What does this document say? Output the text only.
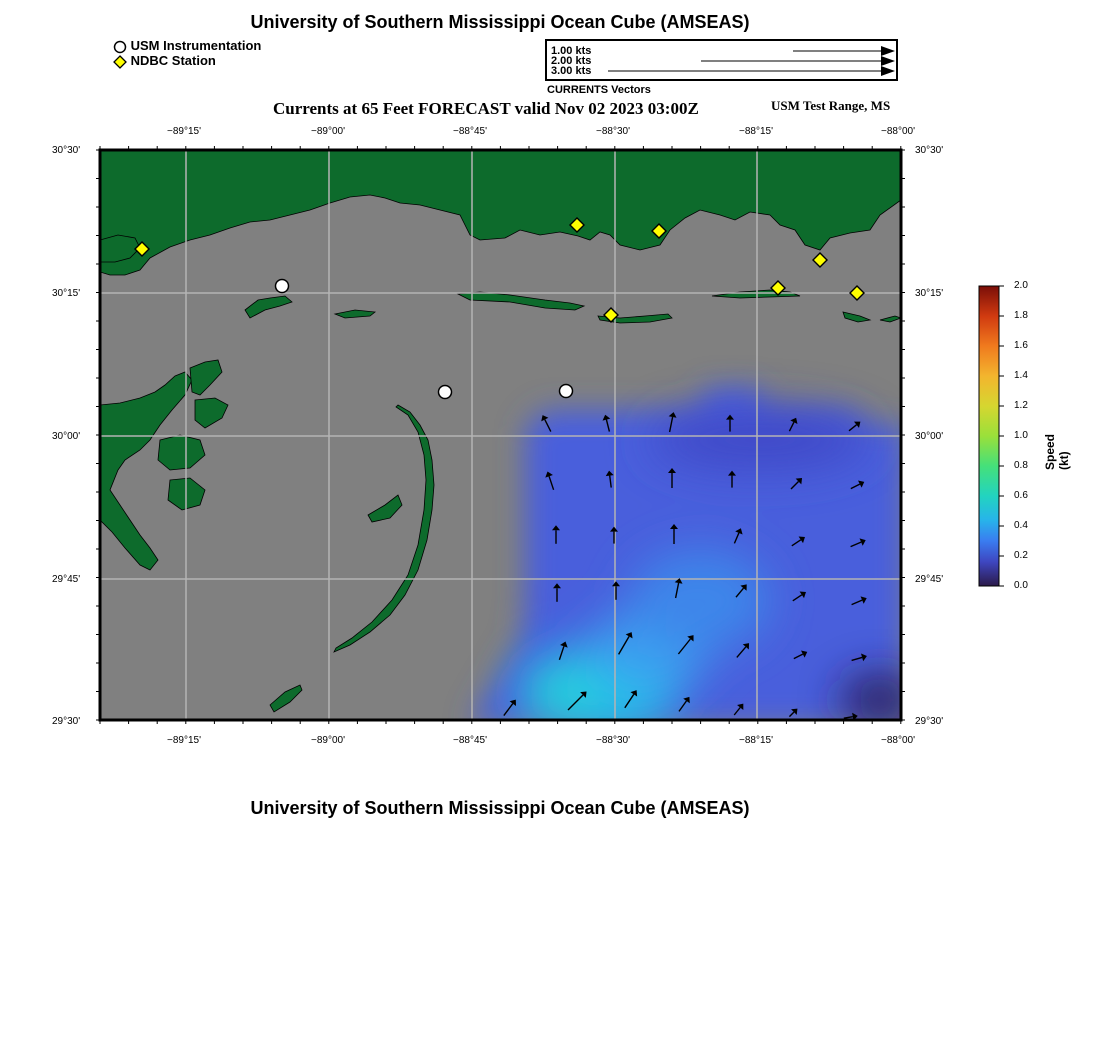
University of Southern Mississippi Ocean Cube (AMSEAS)
USM Instrumentation
NDBC Station
1.00 kts
2.00 kts
3.00 kts
CURRENTS Vectors
Currents at 65 Feet FORECAST valid Nov 02 2023 03:00Z	USM Test Range, MS
−89°15'	−89°00'	−88°45'	−88°30'	−88°15'	−88°00'
−89°15'	−89°00'	−88°45'	−88°30'	−88°15'	−88°00'
30°30'
30°15'
30°00'
29°45'
29°30'
30°30'
30°15'
30°00'
29°45'
29°30'
2.0
1.8
1.6
1.4
1.2
1.0
0.8
0.6
0.4
0.2
0.0
Speed (kt)
University of Southern Mississippi Ocean Cube (AMSEAS)
